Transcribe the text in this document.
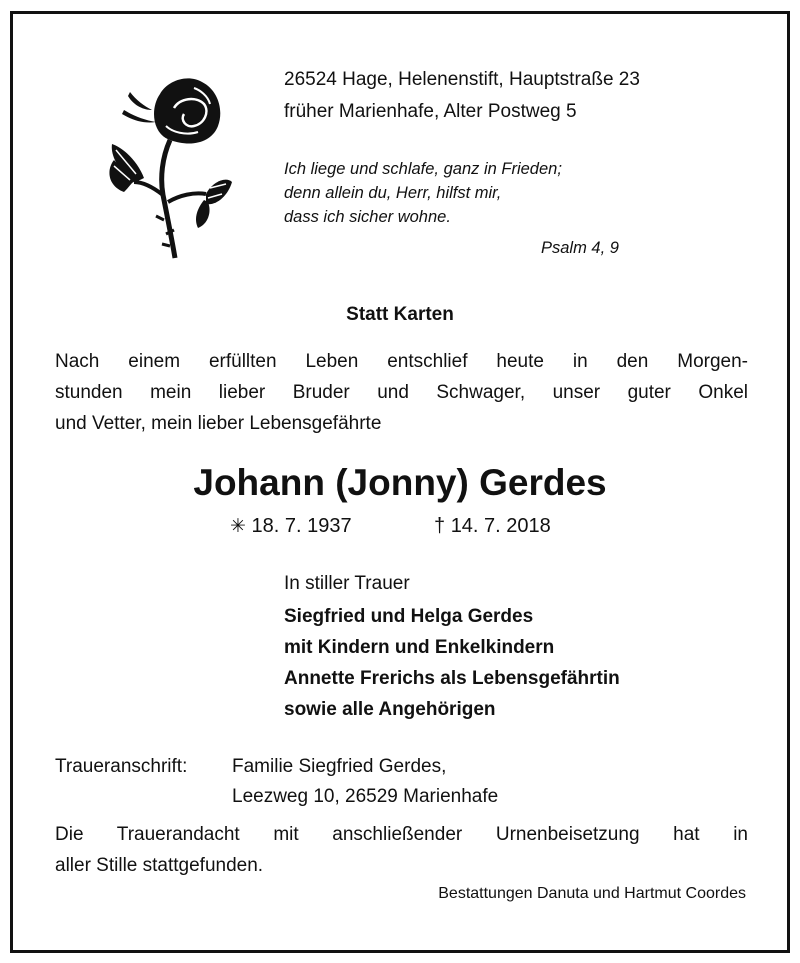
26524 Hage, Helenenstift, Hauptstraße 23
früher Marienhafe, Alter Postweg 5
Ich liege und schlafe, ganz in Frieden;
denn allein du, Herr, hilfst mir,
dass ich sicher wohne.
Psalm 4, 9
Statt Karten
Nach einem erfüllten Leben entschlief heute in den Morgen-
stunden mein lieber Bruder und Schwager, unser guter Onkel
und Vetter, mein lieber Lebensgefährte
Johann (Jonny) Gerdes
✳ 18. 7. 1937	† 14. 7. 2018
In stiller Trauer
Siegfried und Helga Gerdes
mit Kindern und Enkelkindern
Annette Frerichs als Lebensgefährtin
sowie alle Angehörigen
Traueranschrift: Familie Siegfried Gerdes,
Leezweg 10, 26529 Marienhafe
Die Trauerandacht mit anschließender Urnenbeisetzung hat in
aller Stille stattgefunden.
Bestattungen Danuta und Hartmut Coordes
